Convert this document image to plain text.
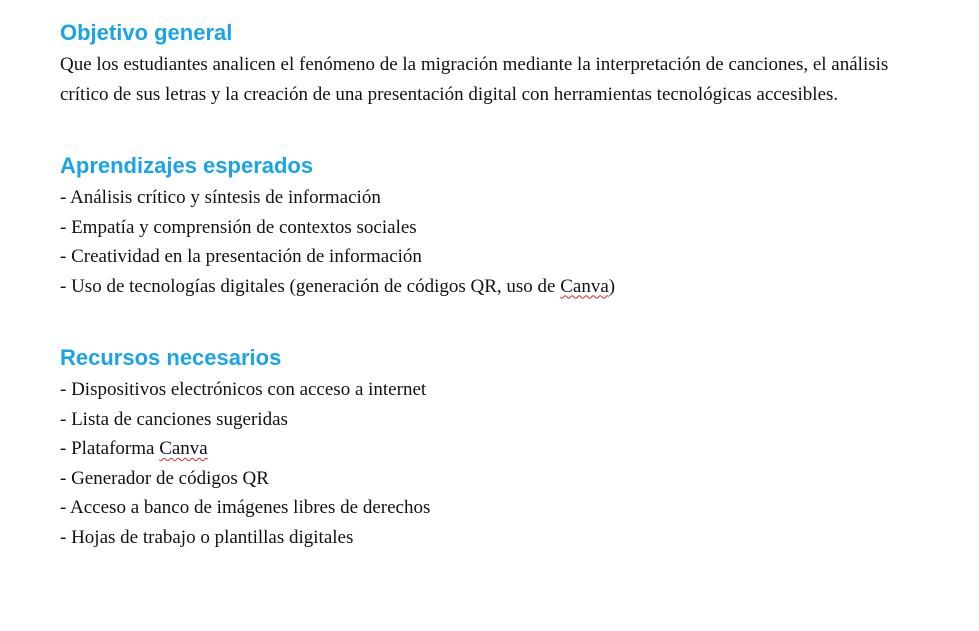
Objetivo general

Que los estudiantes analicen el fenómeno de la migración mediante la interpretación de canciones, el análisis crítico de sus letras y la creación de una presentación digital con herramientas tecnológicas accesibles.

Aprendizajes esperados
- Análisis crítico y síntesis de información
- Empatía y comprensión de contextos sociales
- Creatividad en la presentación de información
- Uso de tecnologías digitales (generación de códigos QR, uso de Canva)
Recursos necesarios
- Dispositivos electrónicos con acceso a internet
- Lista de canciones sugeridas
- Plataforma Canva
- Generador de códigos QR
- Acceso a banco de imágenes libres de derechos
- Hojas de trabajo o plantillas digitales
